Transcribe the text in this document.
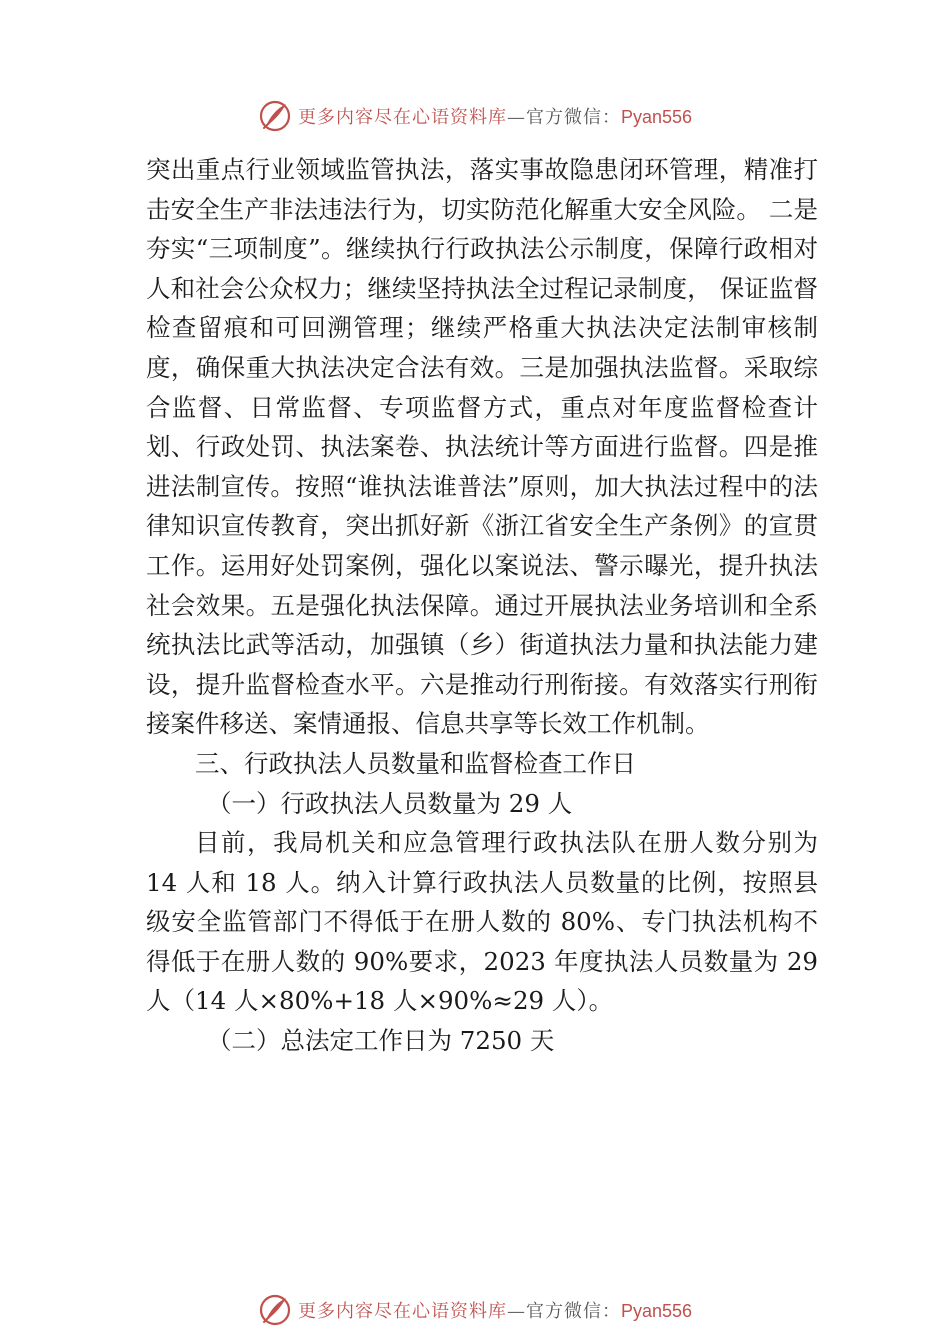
更多内容尽在心语资料库—官方微信：Pyan556

突出重点行业领域监管执法，落实事故隐患闭环管理，精准打击安全生产非法违法行为，切实防范化解重大安全风险。 二是夯实“三项制度”。继续执行行政执法公示制度，保障行政相对人和社会公众权力；继续坚持执法全过程记录制度， 保证监督检查留痕和可回溯管理；继续严格重大执法决定法制审核制度，确保重大执法决定合法有效。三是加强执法监督。采取综合监督、日常监督、专项监督方式，重点对年度监督检查计划、行政处罚、执法案卷、执法统计等方面进行监督。四是推进法制宣传。按照“谁执法谁普法”原则，加大执法过程中的法律知识宣传教育，突出抓好新《浙江省安全生产条例》的宣贯工作。运用好处罚案例，强化以案说法、警示曝光，提升执法社会效果。五是强化执法保障。通过开展执法业务培训和全系统执法比武等活动，加强镇（乡）街道执法力量和执法能力建设，提升监督检查水平。六是推动行刑衔接。有效落实行刑衔接案件移送、案情通报、信息共享等长效工作机制。

三、行政执法人员数量和监督检查工作日

（一）行政执法人员数量为 29 人

目前，我局机关和应急管理行政执法队在册人数分别为 14 人和 18 人。纳入计算行政执法人员数量的比例，按照县级安全监管部门不得低于在册人数的 80%、专门执法机构不得低于在册人数的 90%要求，2023 年度执法人员数量为 29 人（14 人×80%+18 人×90%≈29 人）。

（二）总法定工作日为 7250 天

更多内容尽在心语资料库—官方微信：Pyan556
